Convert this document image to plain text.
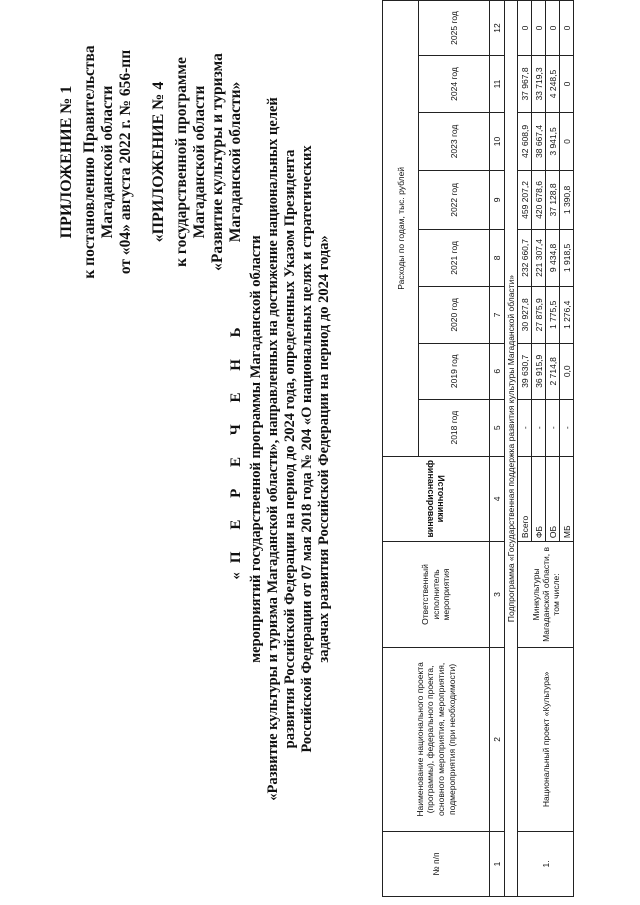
ПРИЛОЖЕНИЕ № 1 к постановлению Правительства Магаданской области от «04» августа 2022 г. № 656-пп «ПРИЛОЖЕНИЕ № 4 к государственной программе Магаданской области «Развитие культуры и туризма Магаданской области»
«П Е Р Е Ч Е Н Ь мероприятий государственной программы Магаданской области «Развитие культуры и туризма Магаданской области», направленных на достижение национальных целей развития Российской Федерации на период до 2024 года, определенных Указом Президента Российской Федерации от 07 мая 2018 года № 204 «О национальных целях и стратегических задачах развития Российской Федерации на период до 2024 года»
№ п/п	Наименование национального проекта (программы), федерального проекта, основного мероприятия, мероприятия, подмероприятия (при необходимости)	Ответственный исполнитель мероприятия	Источники финансирования	Расходы по годам, тыс. рублей							
				2018 год	2019 год	2020 год	2021 год	2022 год	2023 год	2024 год	2025 год
1	2	3	4	5	6	7	8	9	10	11	12
Подпрограмма «Государственная поддержка развития культуры Магаданской области»											
1.	Национальный проект «Культура»	Минкультуры Магаданской области, в том числе:	Всего	-	39 630,7	30 927,8	232 660,7	459 207,2	42 608,9	37 967,8	0
			ФБ	-	36 915,9	27 875,9	221 307,4	420 678,6	38 667,4	33 719,3	0
			ОБ	-	2 714,8	1 775,5	9 434,8	37 128,8	3 941,5	4 248,5	0
			МБ	-	0,0	1 276,4	1 918,5	1 390,8	0	0	0
